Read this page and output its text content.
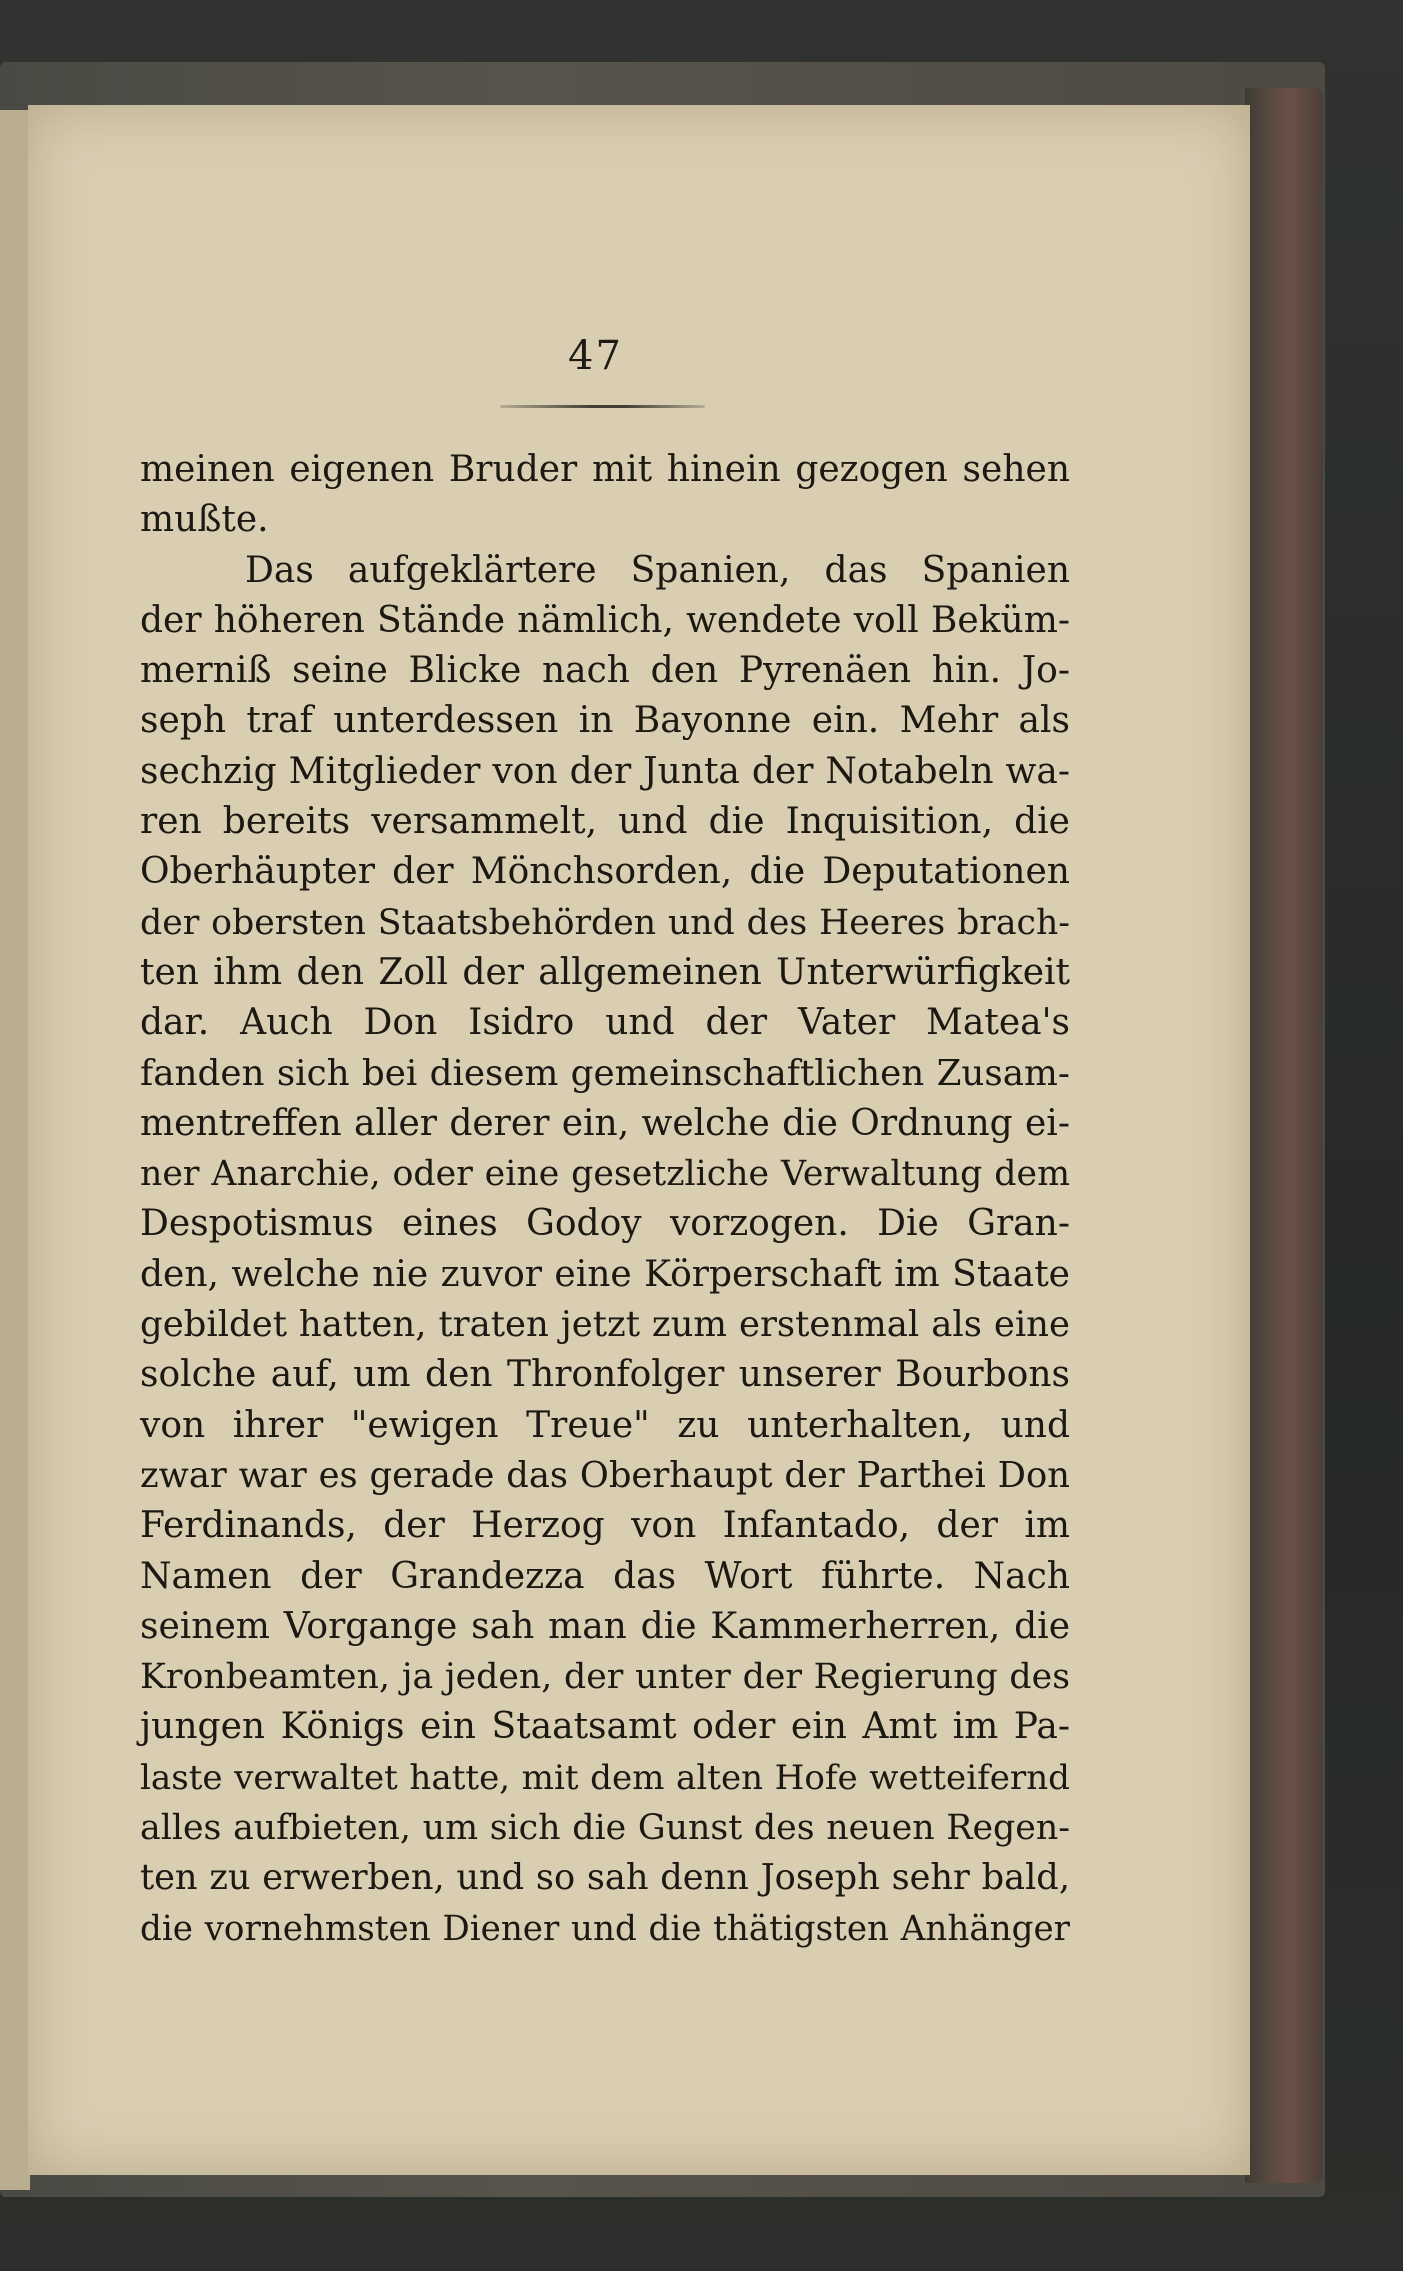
47
meinen eigenen Bruder mit hinein gezogen sehen
mußte.
Das aufgeklärtere Spanien, das Spanien
der höheren Stände nämlich, wendete voll Beküm-
merniß seine Blicke nach den Pyrenäen hin. Jo-
seph traf unterdessen in Bayonne ein. Mehr als
sechzig Mitglieder von der Junta der Notabeln wa-
ren bereits versammelt, und die Inquisition, die
Oberhäupter der Mönchsorden, die Deputationen
der obersten Staatsbehörden und des Heeres brach-
ten ihm den Zoll der allgemeinen Unterwürfigkeit
dar. Auch Don Isidro und der Vater Matea's
fanden sich bei diesem gemeinschaftlichen Zusam-
mentreffen aller derer ein, welche die Ordnung ei-
ner Anarchie, oder eine gesetzliche Verwaltung dem
Despotismus eines Godoy vorzogen. Die Gran-
den, welche nie zuvor eine Körperschaft im Staate
gebildet hatten, traten jetzt zum erstenmal als eine
solche auf, um den Thronfolger unserer Bourbons
von ihrer "ewigen Treue" zu unterhalten, und
zwar war es gerade das Oberhaupt der Parthei Don
Ferdinands, der Herzog von Infantado, der im
Namen der Grandezza das Wort führte. Nach
seinem Vorgange sah man die Kammerherren, die
Kronbeamten, ja jeden, der unter der Regierung des
jungen Königs ein Staatsamt oder ein Amt im Pa-
laste verwaltet hatte, mit dem alten Hofe wetteifernd
alles aufbieten, um sich die Gunst des neuen Regen-
ten zu erwerben, und so sah denn Joseph sehr bald,
die vornehmsten Diener und die thätigsten Anhänger
